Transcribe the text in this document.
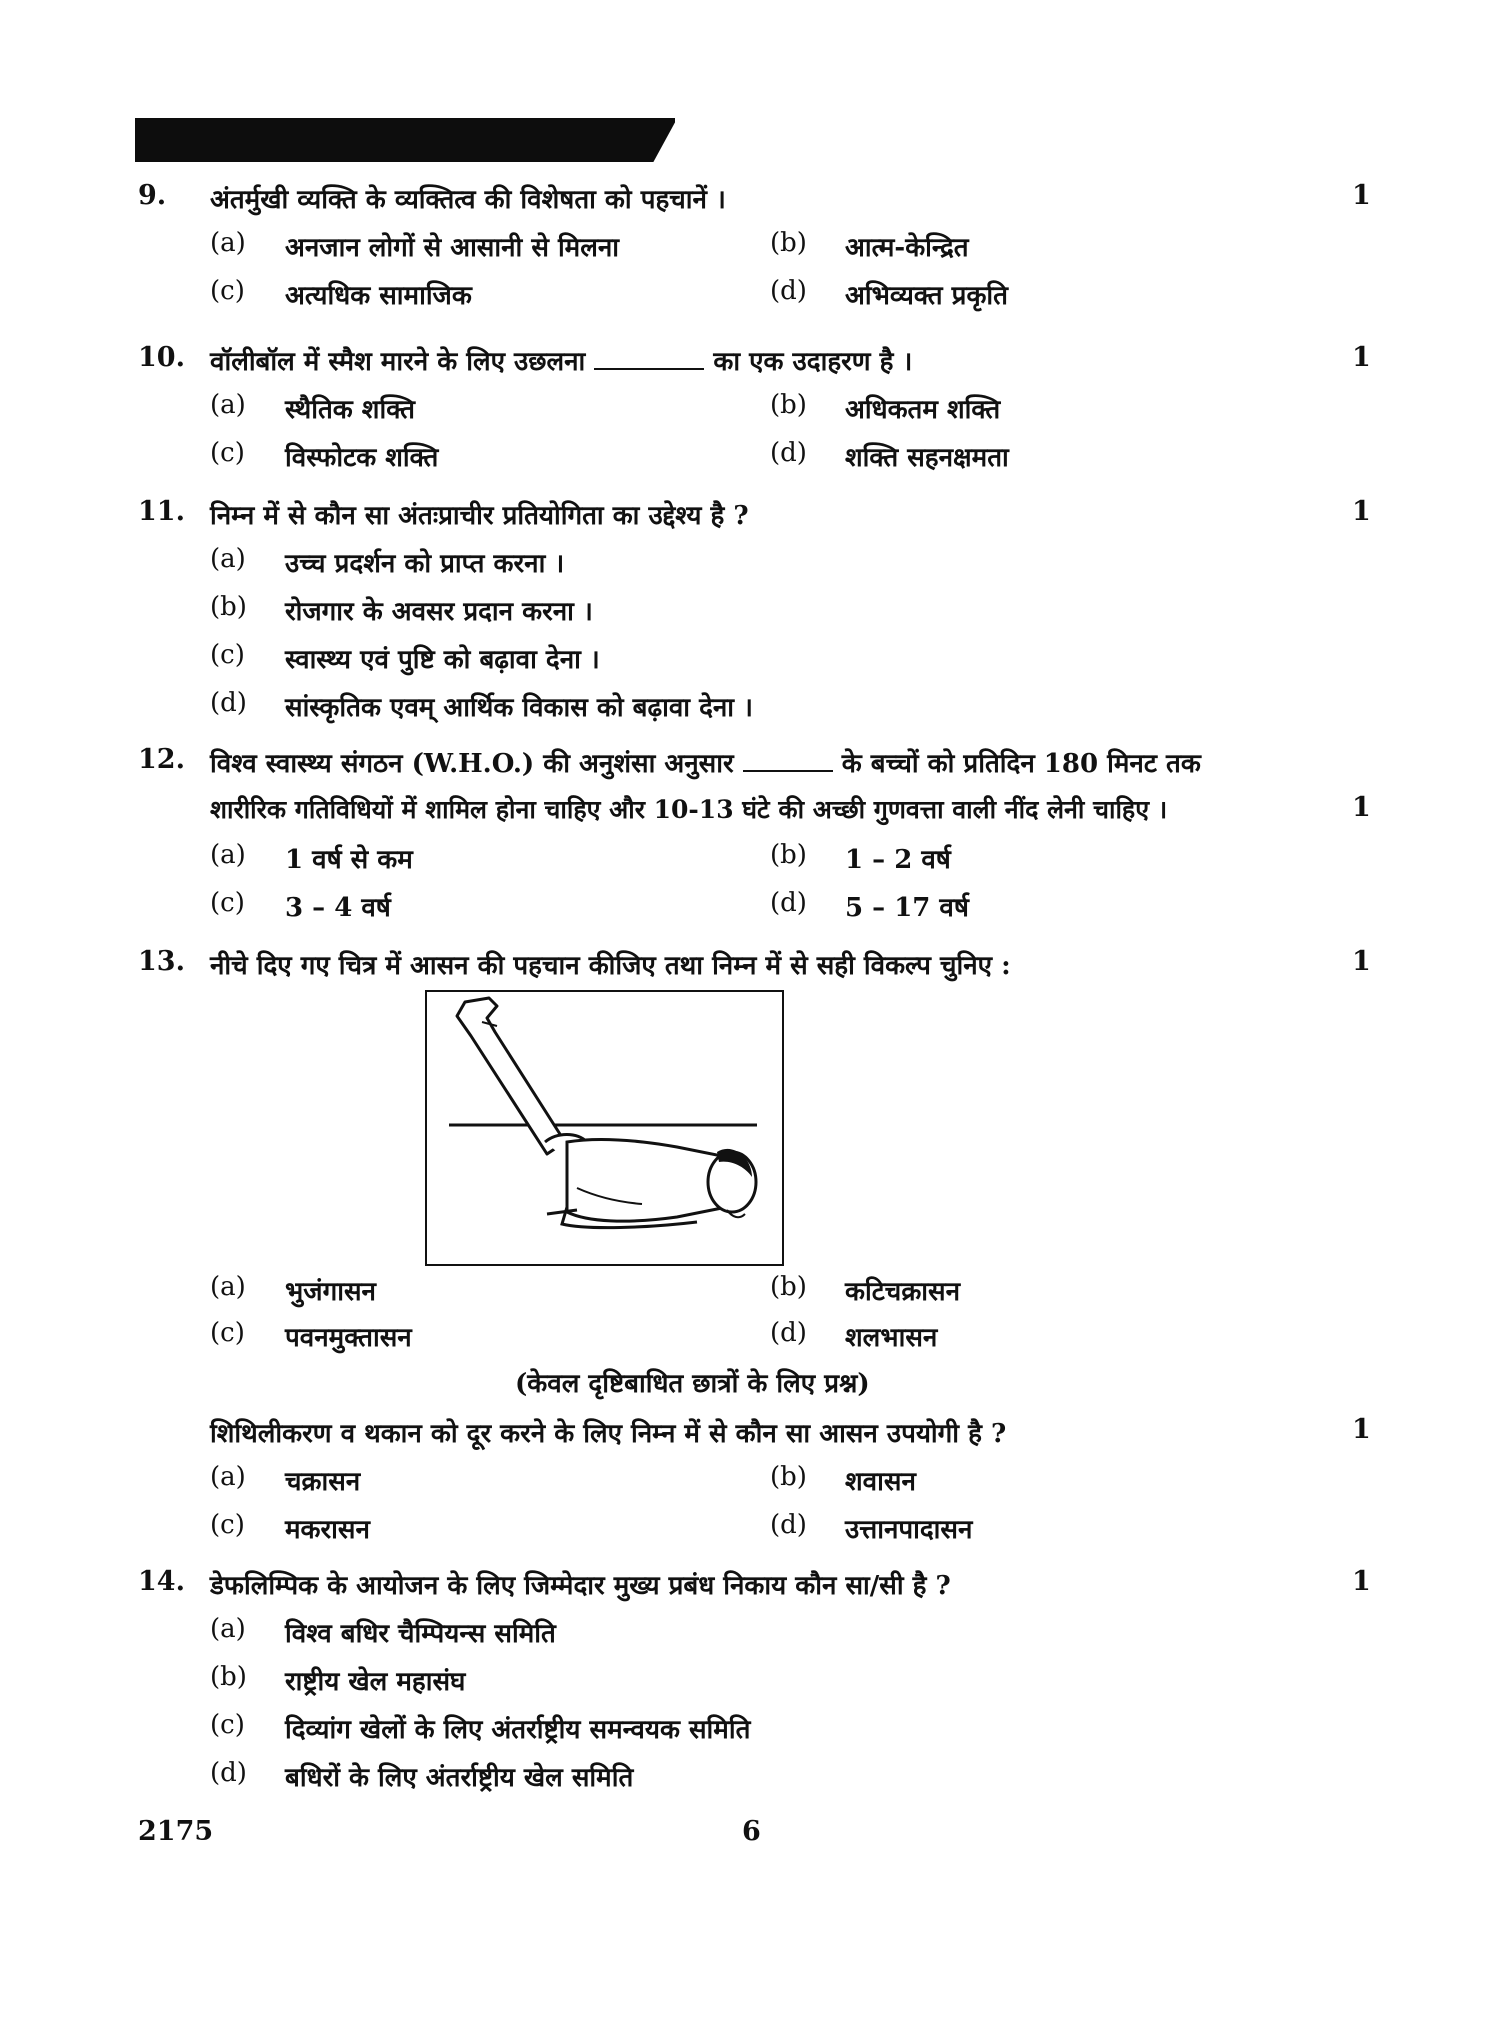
9. अंतर्मुखी व्यक्ति के व्यक्तित्व की विशेषता को पहचानें ।	1
(a) अनजान लोगों से आसानी से मिलना	(b) आत्म-केन्द्रित
(c) अत्यधिक सामाजिक	(d) अभिव्यक्त प्रकृति
10. वॉलीबॉल में स्मैश मारने के लिए उछलना	का एक उदाहरण है ।	1
(a) स्थैतिक शक्ति	(b) अधिकतम शक्ति
(c) विस्फोटक शक्ति	(d) शक्ति सहनक्षमता
11. निम्न में से कौन सा अंतःप्राचीर प्रतियोगिता का उद्देश्य है ?	1
(a) उच्च प्रदर्शन को प्राप्त करना ।
(b) रोजगार के अवसर प्रदान करना ।
(c) स्वास्थ्य एवं पुष्टि को बढ़ावा देना ।
(d) सांस्कृतिक एवम् आर्थिक विकास को बढ़ावा देना ।
12. विश्व स्वास्थ्य संगठन (W.H.O.) की अनुशंसा अनुसार	के बच्चों को प्रतिदिन 180 मिनट तक
शारीरिक गतिविधियों में शामिल होना चाहिए और 10-13 घंटे की अच्छी गुणवत्ता वाली नींद लेनी चाहिए ।	1
(a) 1 वर्ष से कम	(b) 1 – 2 वर्ष
(c) 3 – 4 वर्ष	(d) 5 – 17 वर्ष
13. नीचे दिए गए चित्र में आसन की पहचान कीजिए तथा निम्न में से सही विकल्प चुनिए :	1
(a) भुजंगासन	(b) कटिचक्रासन
(c) पवनमुक्तासन	(d) शलभासन
(केवल दृष्टिबाधित छात्रों के लिए प्रश्न)
शिथिलीकरण व थकान को दूर करने के लिए निम्न में से कौन सा आसन उपयोगी है ?	1
(a) चक्रासन	(b) शवासन
(c) मकरासन	(d) उत्तानपादासन
14. डेफलिम्पिक के आयोजन के लिए जिम्मेदार मुख्य प्रबंध निकाय कौन सा/सी है ?	1
(a) विश्व बधिर चैम्पियन्स समिति
(b) राष्ट्रीय खेल महासंघ
(c) दिव्यांग खेलों के लिए अंतर्राष्ट्रीय समन्वयक समिति
(d) बधिरों के लिए अंतर्राष्ट्रीय खेल समिति
2175	6
